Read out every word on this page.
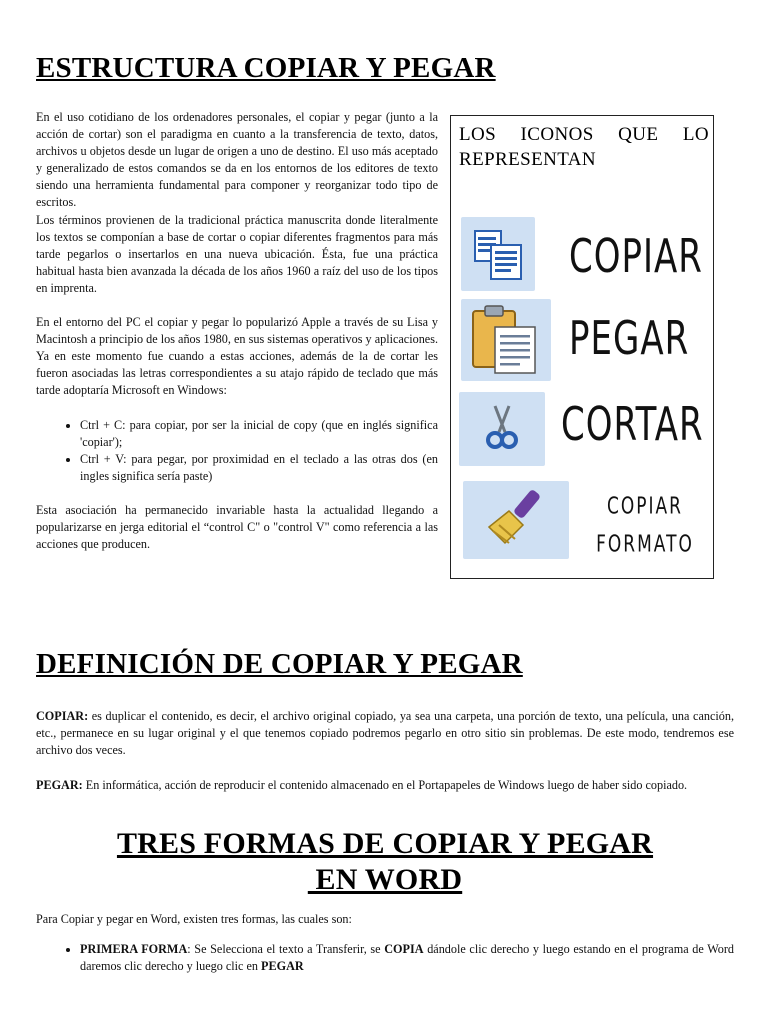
ESTRUCTURA COPIAR Y PEGAR

En el uso cotidiano de los ordenadores personales, el copiar y pegar (junto a la acción de cortar) son el paradigma en cuanto a la transferencia de texto, datos, archivos u objetos desde un lugar de origen a uno de destino. El uso más aceptado y generalizado de estos comandos se da en los entornos de los editores de texto siendo una herramienta fundamental para componer y reorganizar todo tipo de escritos.

Los términos provienen de la tradicional práctica manuscrita donde literalmente los textos se componían a base de cortar o copiar diferentes fragmentos para más tarde pegarlos o insertarlos en una nueva ubicación. Ésta, fue una práctica habitual hasta bien avanzada la década de los años 1960 a raíz del uso de los tipos en imprenta.

En el entorno del PC el copiar y pegar lo popularizó Apple a través de su Lisa y Macintosh a principio de los años 1980, en sus sistemas operativos y aplicaciones. Ya en este momento fue cuando a estas acciones, además de la de cortar les fueron asociadas las letras correspondientes a su atajo rápido de teclado que más tarde adoptaría Microsoft en Windows:

• Ctrl + C: para copiar, por ser la inicial de copy (que en inglés significa 'copiar');
• Ctrl + V: para pegar, por proximidad en el teclado a las otras dos (en ingles significa sería paste)

Esta asociación ha permanecido invariable hasta la actualidad llegando a popularizarse en jerga editorial el “control C" o "control V" como referencia a las acciones que producen.

LOS ICONOS QUE LO REPRESENTAN
COPIAR
PEGAR
CORTAR
COPIAR
FORMATO
DEFINICIÓN DE COPIAR Y PEGAR

COPIAR: es duplicar el contenido, es decir, el archivo original copiado, ya sea una carpeta, una porción de texto, una película, una canción, etc., permanece en su lugar original y el que tenemos copiado podremos pegarlo en otro sitio sin problemas. De este modo, tendremos ese archivo dos veces.

PEGAR: En informática, acción de reproducir el contenido almacenado en el Portapapeles de Windows luego de haber sido copiado.

TRES FORMAS DE COPIAR Y PEGAR
EN WORD

Para Copiar y pegar en Word, existen tres formas, las cuales son:

• PRIMERA FORMA: Se Selecciona el texto a Transferir, se COPIA dándole clic derecho y luego estando en el programa de Word daremos clic derecho y luego clic en PEGAR
